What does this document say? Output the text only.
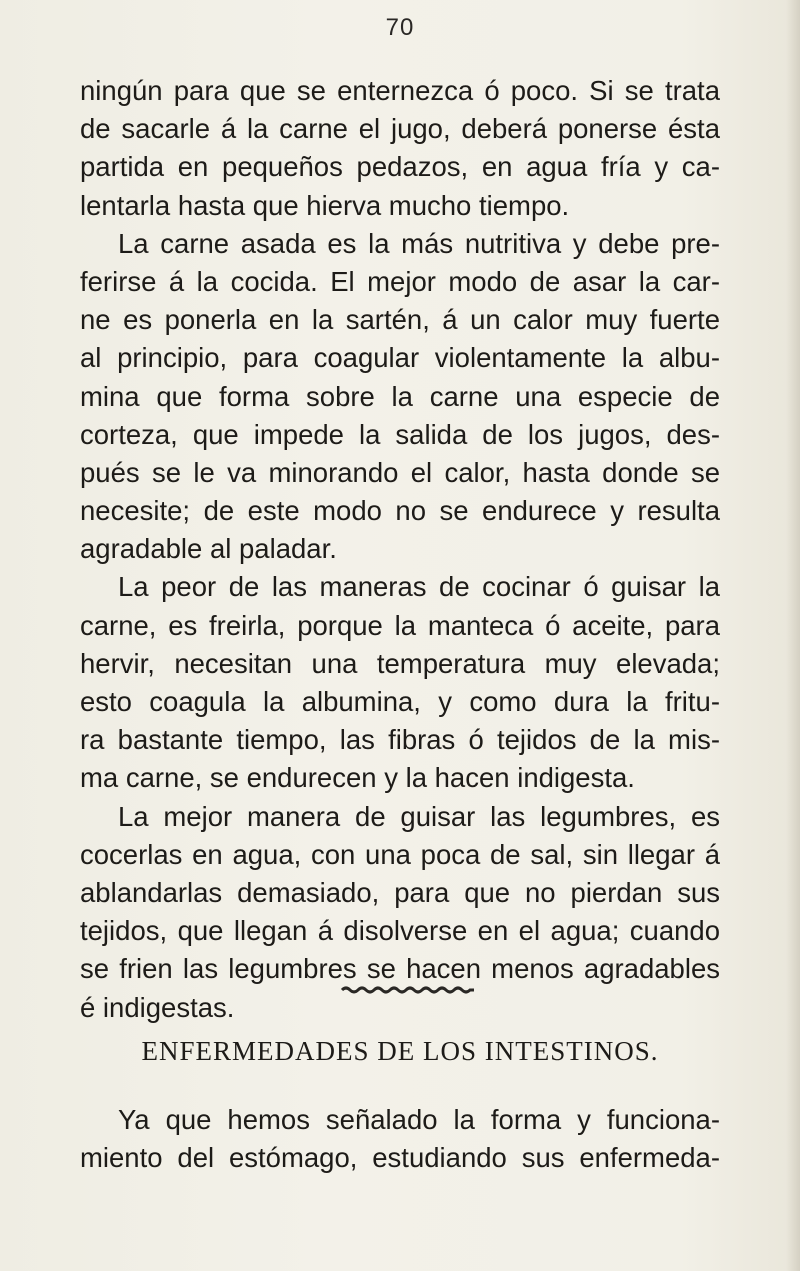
70
ningún para que se enternezca ó poco. Si se trata
de sacarle á la carne el jugo, deberá ponerse ésta
partida en pequeños pedazos, en agua fría y ca-
lentarla hasta que hierva mucho tiempo.
La carne asada es la más nutritiva y debe pre-
ferirse á la cocida. El mejor modo de asar la car-
ne es ponerla en la sartén, á un calor muy fuerte
al principio, para coagular violentamente la albu-
mina que forma sobre la carne una especie de
corteza, que impede la salida de los jugos, des-
pués se le va minorando el calor, hasta donde se
necesite; de este modo no se endurece y resulta
agradable al paladar.
La peor de las maneras de cocinar ó guisar la
carne, es freirla, porque la manteca ó aceite, para
hervir, necesitan una temperatura muy elevada;
esto coagula la albumina, y como dura la fritu-
ra bastante tiempo, las fibras ó tejidos de la mis-
ma carne, se endurecen y la hacen indigesta.
La mejor manera de guisar las legumbres, es
cocerlas en agua, con una poca de sal, sin llegar á
ablandarlas demasiado, para que no pierdan sus
tejidos, que llegan á disolverse en el agua; cuando
se frien las legumbres se hacen menos agradables
é indigestas.
ENFERMEDADES DE LOS INTESTINOS.
Ya que hemos señalado la forma y funciona-
miento del estómago, estudiando sus enfermeda-
